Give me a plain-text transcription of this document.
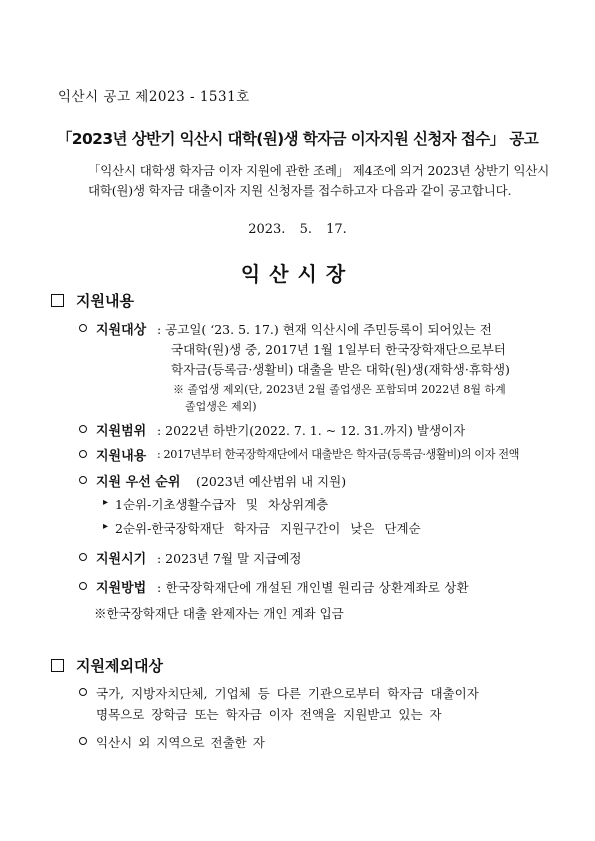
익산시 공고 제2023 - 1531호
「2023년 상반기 익산시 대학(원)생 학자금 이자지원 신청자 접수」 공고
「익산시 대학생 학자금 이자 지원에 관한 조례」 제4조에 의거 2023년 상반기 익산시
대학(원)생 학자금 대출이자 지원 신청자를 접수하고자 다음과 같이 공고합니다.
2023. 5. 17.
익산시장
지원내용
지원대상 : 공고일( ‘23. 5. 17.) 현재 익산시에 주민등록이 되어있는 전
국대학(원)생 중, 2017년 1월 1일부터 한국장학재단으로부터
학자금(등록금·생활비) 대출을 받은 대학(원)생(재학생·휴학생)
※ 졸업생 제외(단, 2023년 2월 졸업생은 포함되며 2022년 8월 하계
졸업생은 제외)
지원범위 : 2022년 하반기(2022. 7. 1. ~ 12. 31.까지) 발생이자
지원내용 : 2017년부터 한국장학재단에서 대출받은 학자금(등록금·생활비)의 이자 전액
지원 우선 순위 (2023년 예산범위 내 지원)
▸ 1순위-기초생활수급자 및 차상위계층
▸ 2순위-한국장학재단 학자금 지원구간이 낮은 단계순
지원시기 : 2023년 7월 말 지급예정
지원방법 : 한국장학재단에 개설된 개인별 원리금 상환계좌로 상환
※한국장학재단 대출 완제자는 개인 계좌 입금
지원제외대상
국가, 지방자치단체, 기업체 등 다른 기관으로부터 학자금 대출이자
명목으로 장학금 또는 학자금 이자 전액을 지원받고 있는 자
익산시 외 지역으로 전출한 자
